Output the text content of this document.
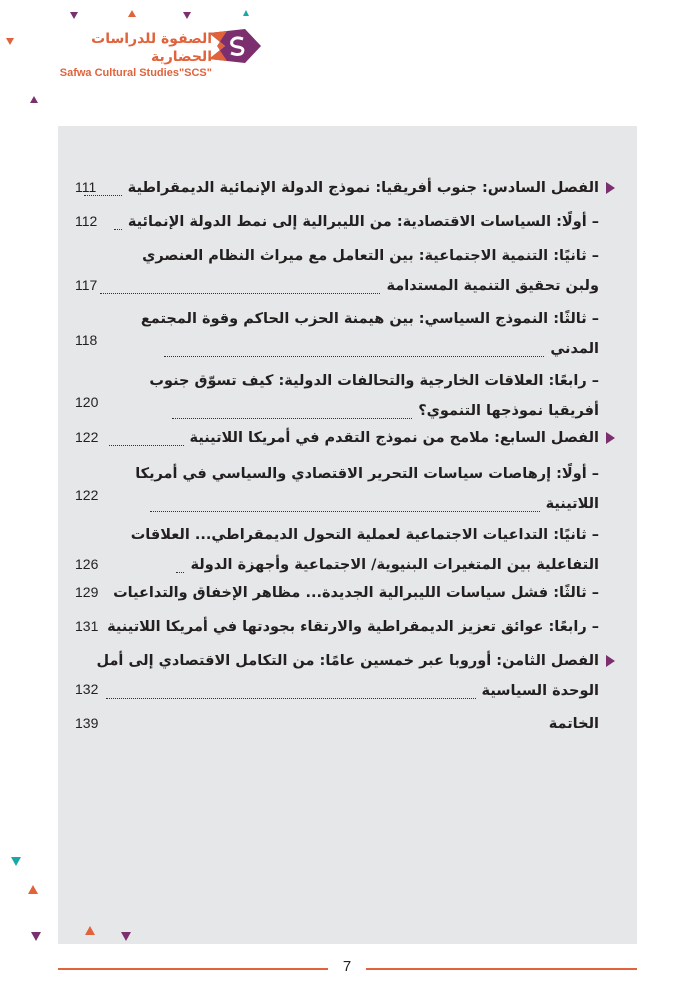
الصفوة للدراسات الحضارية
Safwa Cultural Studies"SCS"
الفصل السادس: جنوب أفريقيا: نموذج الدولة الإنمائية الديمقراطية
111
– أولًا: السياسات الاقتصادية: من الليبرالية إلى نمط الدولة الإنمائية
112
– ثانيًا: التنمية الاجتماعية: بين التعامل مع ميراث النظام العنصري
ولبن تحقيق التنمية المستدامة
117
– ثالثًا: النموذج السياسي: بين هيمنة الحزب الحاكم وقوة المجتمع
المدني
118
– رابعًا: العلاقات الخارجية والتحالفات الدولية: كيف تسوّق جنوب
أفريقيا نموذجها التنموي؟
120
الفصل السابع: ملامح من نموذج التقدم في أمريكا اللاتينية
122
– أولًا: إرهاصات سياسات التحرير الاقتصادي والسياسي في أمريكا
اللاتينية
122
– ثانيًا: التداعيات الاجتماعية لعملية التحول الديمقراطي... العلاقات
التفاعلية بين المتغيرات البنيوية/ الاجتماعية وأجهزة الدولة
126
– ثالثًا: فشل سياسات الليبرالية الجديدة... مظاهر الإخفاق والتداعيات
129
– رابعًا: عوائق تعزيز الديمقراطية والارتقاء بجودتها في أمريكا اللاتينية
131
الفصل الثامن: أوروبا عبر خمسين عامًا: من التكامل الاقتصادي إلى أمل
الوحدة السياسية
132
الخاتمة
139
7
